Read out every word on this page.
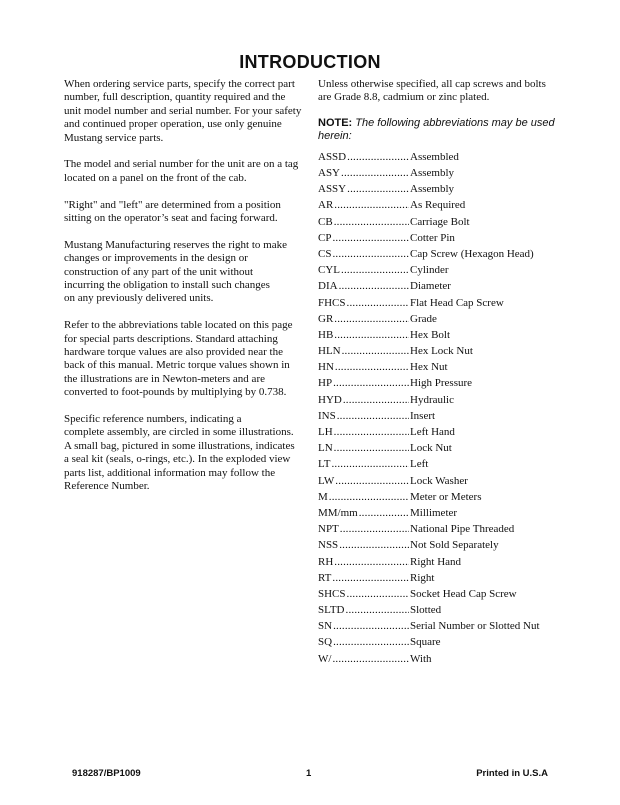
INTRODUCTION

When ordering service parts, specify the correct part
number, full description, quantity required and the
unit model number and serial number. For your safety
and continued proper operation, use only genuine
Mustang service parts.

The model and serial number for the unit are on a tag
located on a panel on the front of the cab.

"Right" and "left" are determined from a position
sitting on the operator’s seat and facing forward.

Mustang Manufacturing reserves the right to make
changes or improvements in the design or
construction of any part of the unit without
incurring the obligation to install such changes
on any previously delivered units.

Refer to the abbreviations table located on this page
for special parts descriptions. Standard attaching
hardware torque values are also provided near the
back of this manual. Metric torque values shown in
the illustrations are in Newton-meters and are
converted to foot-pounds by multiplying by 0.738.

Specific reference numbers, indicating a
complete assembly, are circled in some illustrations.
A small bag, pictured in some illustrations, indicates
a seal kit (seals, o-rings, etc.). In the exploded view
parts list, additional information may follow the
Reference Number.

Unless otherwise specified, all cap screws and bolts
are Grade 8.8, cadmium or zinc plated.
NOTE: The following abbreviations may be used
herein:
ASSD .....	Assembled
ASY .....	Assembly
ASSY .....	Assembly
AR .....	As Required
CB .....	Carriage Bolt
CP .....	Cotter Pin
CS .....	Cap Screw (Hexagon Head)
CYL .....	Cylinder
DIA .....	Diameter
FHCS .....	Flat Head Cap Screw
GR .....	Grade
HB .....	Hex Bolt
HLN .....	Hex Lock Nut
HN .....	Hex Nut
HP .....	High Pressure
HYD .....	Hydraulic
INS .....	Insert
LH .....	Left Hand
LN .....	Lock Nut
LT .....	Left
LW .....	Lock Washer
M .....	Meter or Meters
MM/mm .....	Millimeter
NPT .....	National Pipe Threaded
NSS .....	Not Sold Separately
RH .....	Right Hand
RT .....	Right
SHCS .....	Socket Head Cap Screw
SLTD .....	Slotted
SN .....	Serial Number or Slotted Nut
SQ .....	Square
W/ .....	With
918287/BP1009	1	Printed in U.S.A
